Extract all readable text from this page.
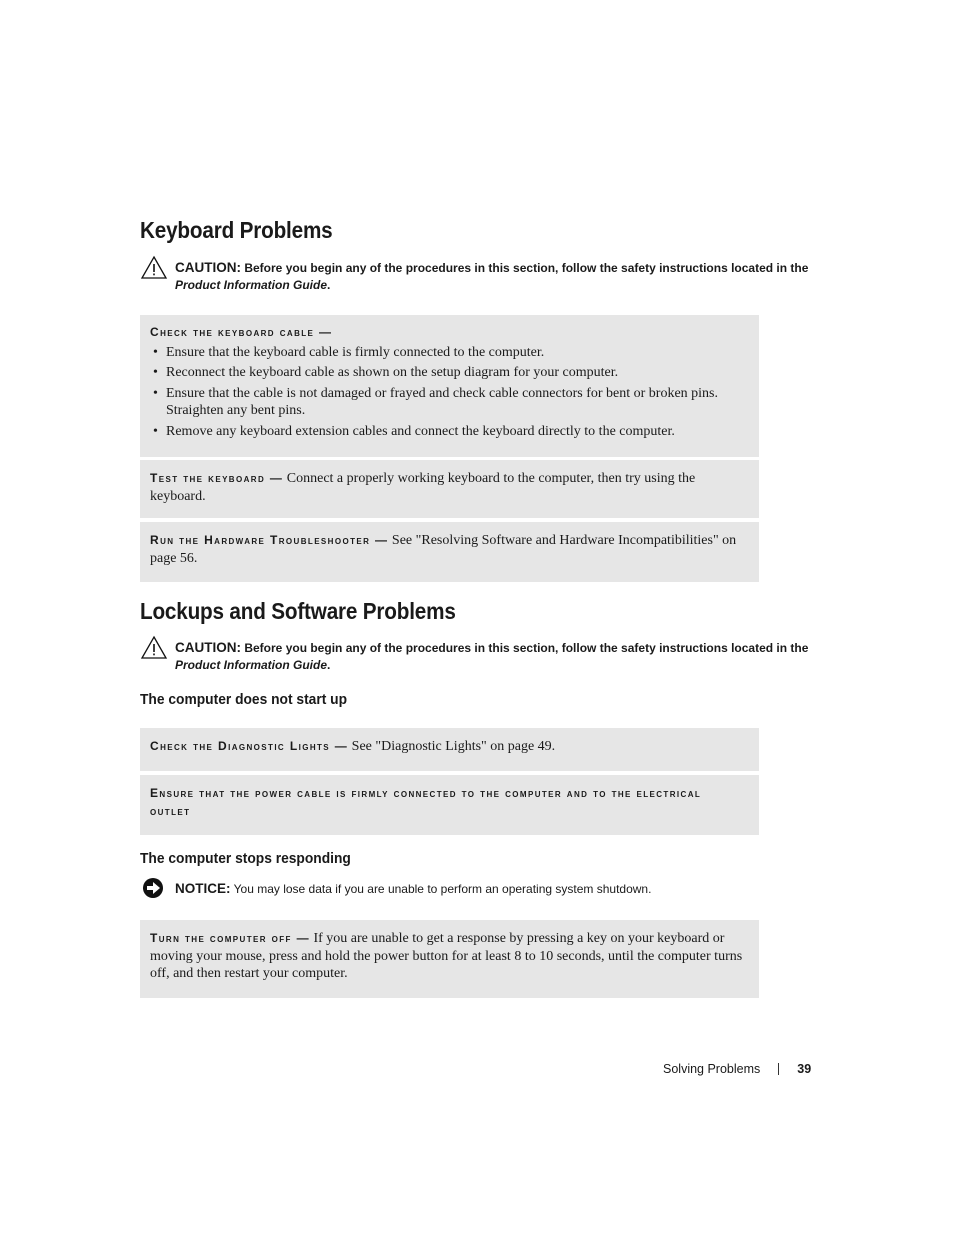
Keyboard Problems
CAUTION: Before you begin any of the procedures in this section, follow the safety instructions located in the
Product Information Guide.
Check the keyboard cable —
• Ensure that the keyboard cable is firmly connected to the computer.
• Reconnect the keyboard cable as shown on the setup diagram for your computer.
• Ensure that the cable is not damaged or frayed and check cable connectors for bent or broken pins. Straighten any bent pins.
• Remove any keyboard extension cables and connect the keyboard directly to the computer.
Test the keyboard — Connect a properly working keyboard to the computer, then try using the keyboard.
Run the Hardware Troubleshooter — See "Resolving Software and Hardware Incompatibilities" on page 56.
Lockups and Software Problems
CAUTION: Before you begin any of the procedures in this section, follow the safety instructions located in the
Product Information Guide.
The computer does not start up
Check the Diagnostic Lights — See "Diagnostic Lights" on page 49.
Ensure that the power cable is firmly connected to the computer and to the electrical outlet
The computer stops responding
NOTICE: You may lose data if you are unable to perform an operating system shutdown.
Turn the computer off — If you are unable to get a response by pressing a key on your keyboard or moving your mouse, press and hold the power button for at least 8 to 10 seconds, until the computer turns off, and then restart your computer.
Solving Problems	39
